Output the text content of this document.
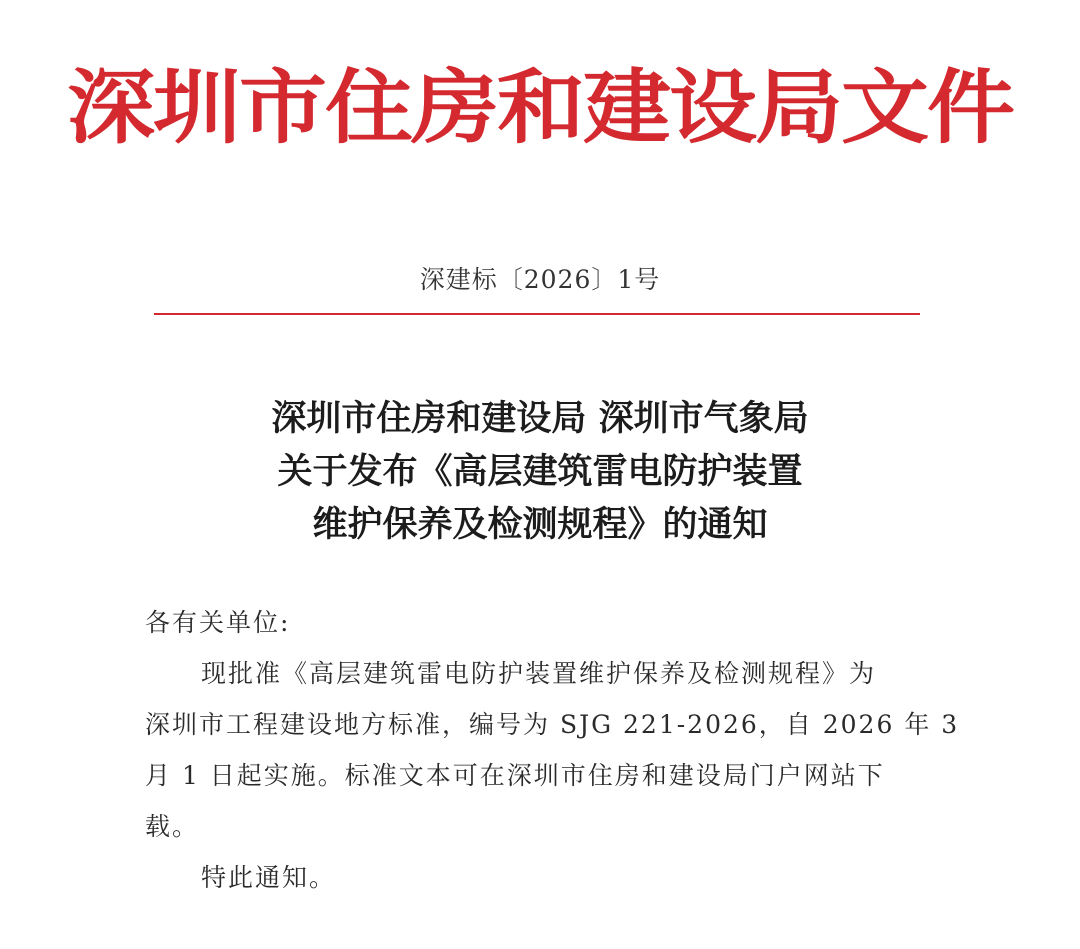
深圳市住房和建设局文件
深建标〔2026〕1号
深圳市住房和建设局 深圳市气象局
关于发布《高层建筑雷电防护装置
维护保养及检测规程》的通知
各有关单位:
现批准《高层建筑雷电防护装置维护保养及检测规程》为
深圳市工程建设地方标准，编号为 SJG 221-2026，自 2026 年 3
月 1 日起实施。标准文本可在深圳市住房和建设局门户网站下
载。
特此通知。
